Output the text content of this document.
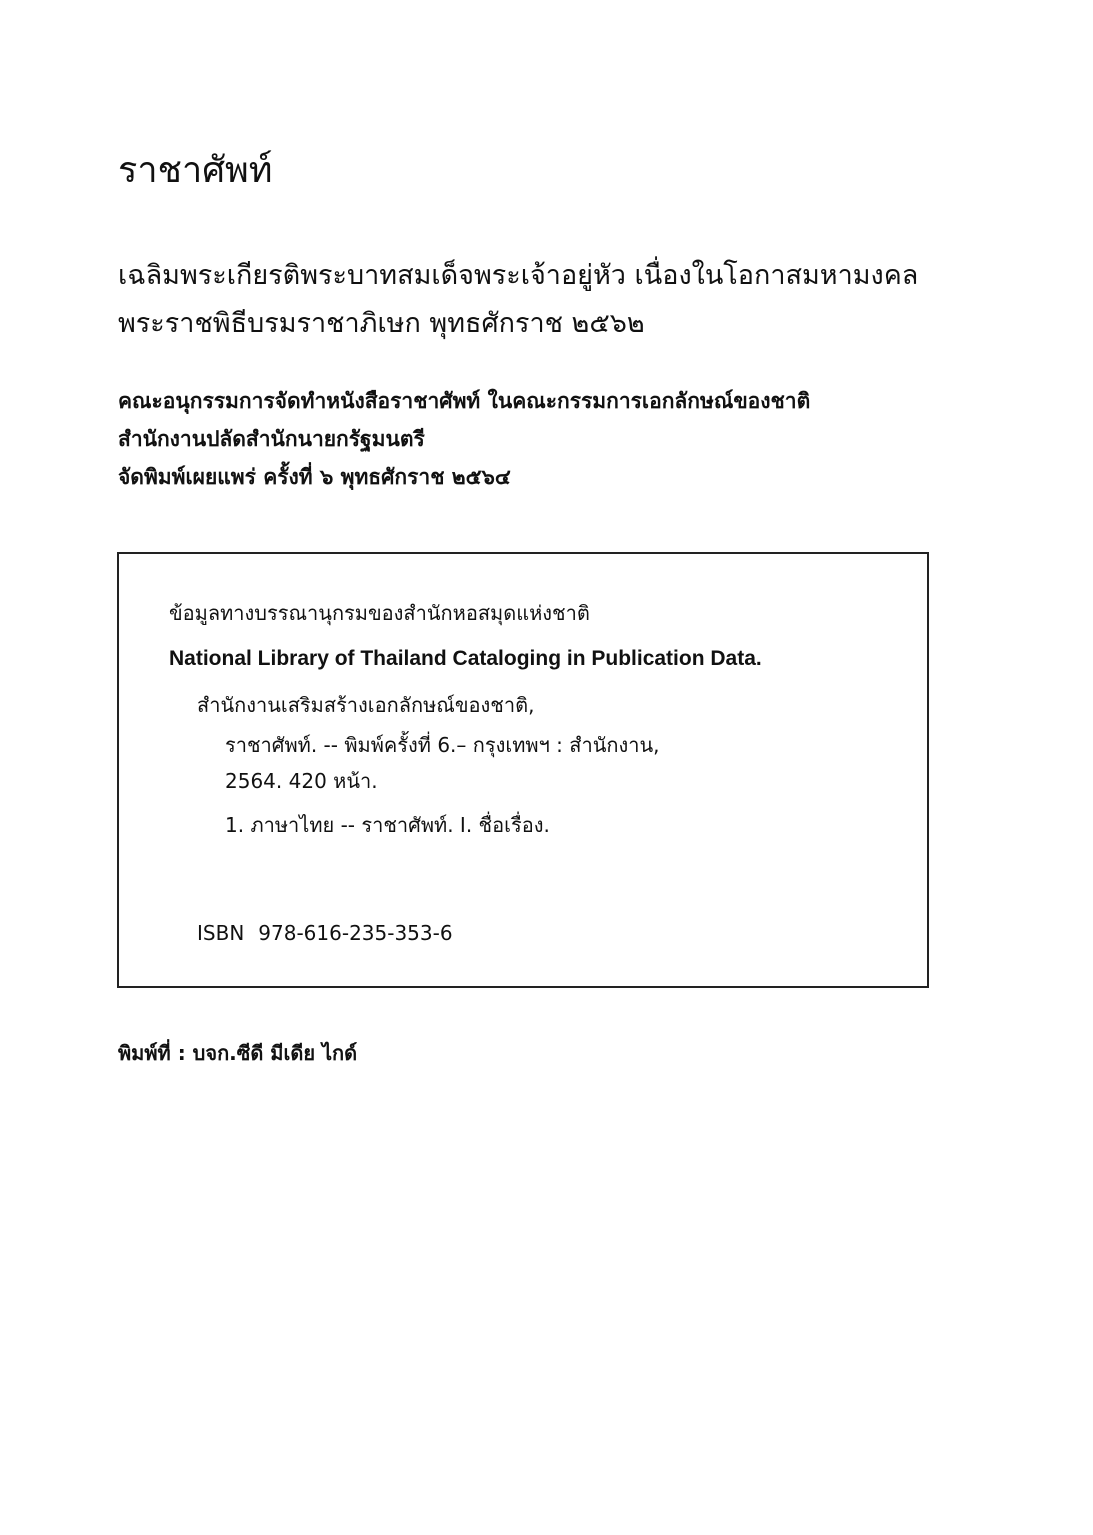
ราชาศัพท์
เฉลิมพระเกียรติพระบาทสมเด็จพระเจ้าอยู่หัว เนื่องในโอกาสมหามงคล
พระราชพิธีบรมราชาภิเษก พุทธศักราช ๒๕๖๒
คณะอนุกรรมการจัดทำหนังสือราชาศัพท์ ในคณะกรรมการเอกลักษณ์ของชาติ
สำนักงานปลัดสำนักนายกรัฐมนตรี
จัดพิมพ์เผยแพร่ ครั้งที่ ๖ พุทธศักราช ๒๕๖๔
ข้อมูลทางบรรณานุกรมของสำนักหอสมุดแห่งชาติ
National Library of Thailand Cataloging in Publication Data.
สำนักงานเสริมสร้างเอกลักษณ์ของชาติ,
ราชาศัพท์. -- พิมพ์ครั้งที่ 6.– กรุงเทพฯ : สำนักงาน,
2564. 420 หน้า.
1. ภาษาไทย -- ราชาศัพท์. I. ชื่อเรื่อง.
ISBN 978-616-235-353-6
พิมพ์ที่ : บจก.ซีดี มีเดีย ไกด์
